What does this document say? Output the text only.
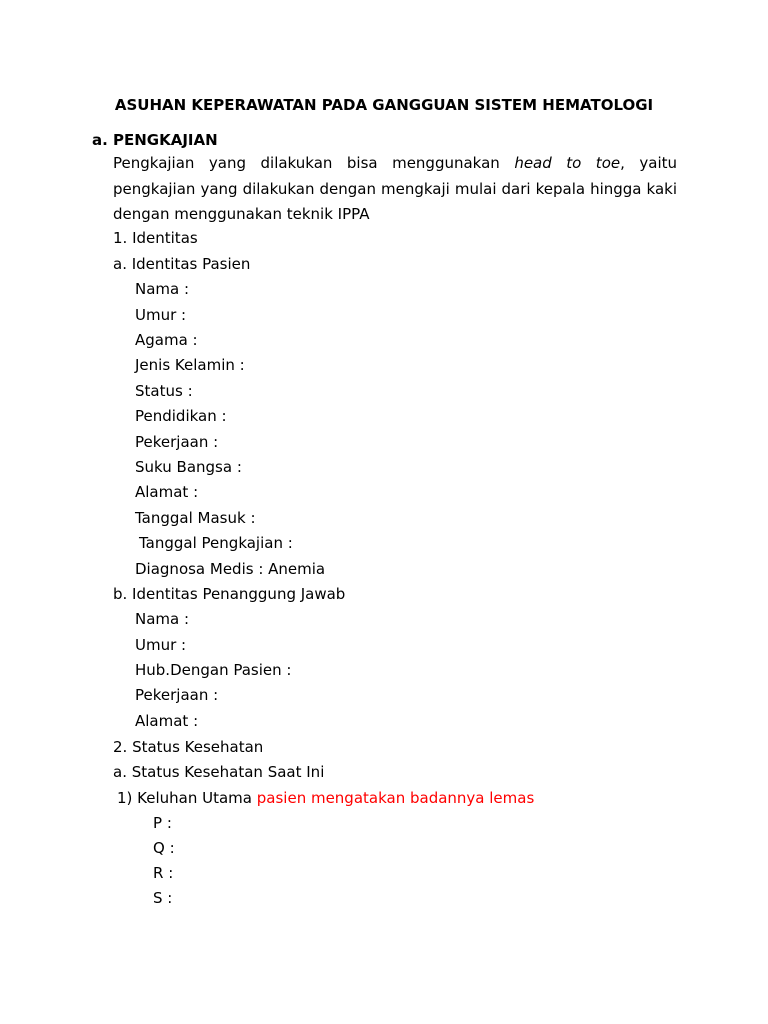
ASUHAN KEPERAWATAN PADA GANGGUAN SISTEM HEMATOLOGI
a. PENGKAJIAN
Pengkajian yang dilakukan bisa menggunakan head to toe, yaitu pengkajian yang dilakukan dengan mengkaji mulai dari kepala hingga kaki dengan menggunakan teknik IPPA
1. Identitas
a. Identitas Pasien
Nama :
Umur :
Agama :
Jenis Kelamin :
Status :
Pendidikan :
Pekerjaan :
Suku Bangsa :
Alamat :
Tanggal Masuk :
Tanggal Pengkajian :
Diagnosa Medis : Anemia
b. Identitas Penanggung Jawab
Nama :
Umur :
Hub.Dengan Pasien :
Pekerjaan :
Alamat :
2. Status Kesehatan
a. Status Kesehatan Saat Ini
1) Keluhan Utama pasien mengatakan badannya lemas
P :
Q :
R :
S :
